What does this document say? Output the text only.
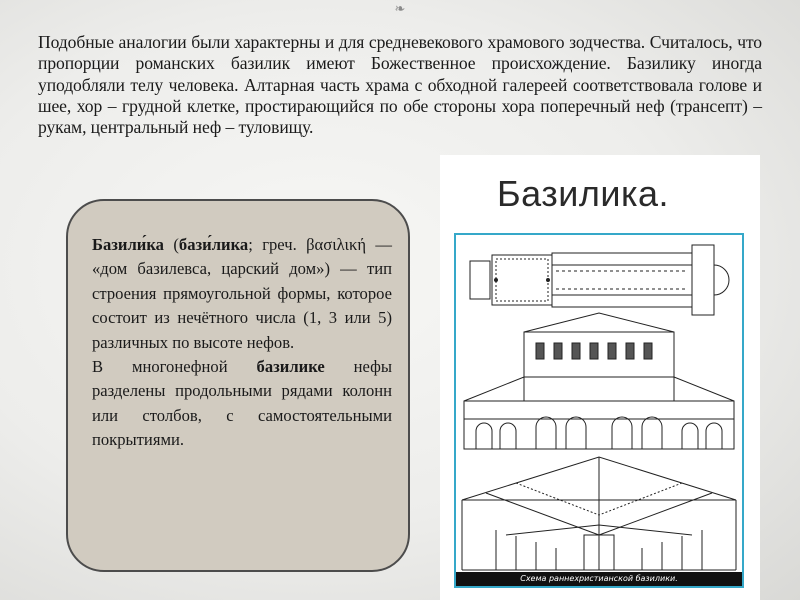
❧

Подобные аналогии были характерны и для средневекового храмового зодчества. Считалось, что пропорции романских базилик имеют Божественное происхождение. Базилику иногда уподобляли телу человека. Алтарная часть храма с обходной галереей соответствовала голове и шее, хор – грудной клетке, простирающийся по обе стороны хора поперечный неф (трансепт) – рукам, центральный неф – туловищу.

Базили́ка (бази́лика; греч. βασιλική — «дом базилевса, царский дом») — тип строения прямоугольной формы, которое состоит из нечётного числа (1, 3 или 5) различных по высоте нефов.

В многонефной базилике нефы разделены продольными рядами колонн или столбов, с самостоятельными покрытиями.

Базилика.
Схема раннехристианской базилики.
